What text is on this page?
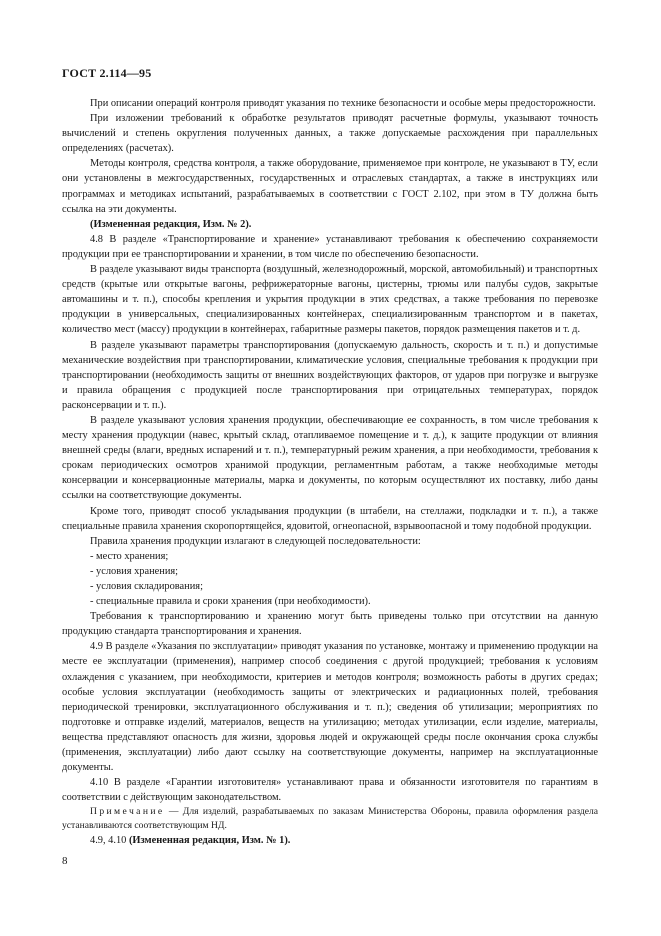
ГОСТ 2.114—95

При описании операций контроля приводят указания по технике безопасности и особые меры предосторожности.

При изложении требований к обработке результатов приводят расчетные формулы, указывают точность вычислений и степень округления полученных данных, а также допускаемые расхождения при параллельных определениях (расчетах).

Методы контроля, средства контроля, а также оборудование, применяемое при контроле, не указывают в ТУ, если они установлены в межгосударственных, государственных и отраслевых стандартах, а также в инструкциях или программах и методиках испытаний, разрабатываемых в соответствии с ГОСТ 2.102, при этом в ТУ должна быть ссылка на эти документы.

(Измененная редакция, Изм. № 2).

4.8 В разделе «Транспортирование и хранение» устанавливают требования к обеспечению сохраняемости продукции при ее транспортировании и хранении, в том числе по обеспечению безопасности.

В разделе указывают виды транспорта (воздушный, железнодорожный, морской, автомобильный) и транспортных средств (крытые или открытые вагоны, рефрижераторные вагоны, цистерны, трюмы или палубы судов, закрытые автомашины и т. п.), способы крепления и укрытия продукции в этих средствах, а также требования по перевозке продукции в универсальных, специализированных контейнерах, специализированным транспортом и в пакетах, количество мест (массу) продукции в контейнерах, габаритные размеры пакетов, порядок размещения пакетов и т. д.

В разделе указывают параметры транспортирования (допускаемую дальность, скорость и т. п.) и допустимые механические воздействия при транспортировании, климатические условия, специальные требования к продукции при транспортировании (необходимость защиты от внешних воздействующих факторов, от ударов при погрузке и выгрузке и правила обращения с продукцией после транспортирования при отрицательных температурах, порядок расконсервации и т. п.).

В разделе указывают условия хранения продукции, обеспечивающие ее сохранность, в том числе требования к месту хранения продукции (навес, крытый склад, отапливаемое помещение и т. д.), к защите продукции от влияния внешней среды (влаги, вредных испарений и т. п.), температурный режим хранения, а при необходимости, требования к срокам периодических осмотров хранимой продукции, регламентным работам, а также необходимые методы консервации и консервационные материалы, марка и документы, по которым осуществляют их поставку, либо даны ссылки на соответствующие документы.

Кроме того, приводят способ укладывания продукции (в штабели, на стеллажи, подкладки и т. п.), а также специальные правила хранения скоропортящейся, ядовитой, огнеопасной, взрывоопасной и тому подобной продукции.

Правила хранения продукции излагают в следующей последовательности:

- место хранения;

- условия хранения;

- условия складирования;

- специальные правила и сроки хранения (при необходимости).

Требования к транспортированию и хранению могут быть приведены только при отсутствии на данную продукцию стандарта транспортирования и хранения.

4.9 В разделе «Указания по эксплуатации» приводят указания по установке, монтажу и применению продукции на месте ее эксплуатации (применения), например способ соединения с другой продукцией; требования к условиям охлаждения с указанием, при необходимости, критериев и методов контроля; возможность работы в других средах; особые условия эксплуатации (необходимость защиты от электрических и радиационных полей, требования периодической тренировки, эксплуатационного обслуживания и т. п.); сведения об утилизации; мероприятиях по подготовке и отправке изделий, материалов, веществ на утилизацию; методах утилизации, если изделие, материалы, вещества представляют опасность для жизни, здоровья людей и окружающей среды после окончания срока службы (применения, эксплуатации) либо дают ссылку на соответствующие документы, например на эксплуатационные документы.

4.10 В разделе «Гарантии изготовителя» устанавливают права и обязанности изготовителя по гарантиям в соответствии с действующим законодательством.

Примечание — Для изделий, разрабатываемых по заказам Министерства Обороны, правила оформления раздела устанавливаются соответствующим НД.

4.9, 4.10 (Измененная редакция, Изм. № 1).

8
